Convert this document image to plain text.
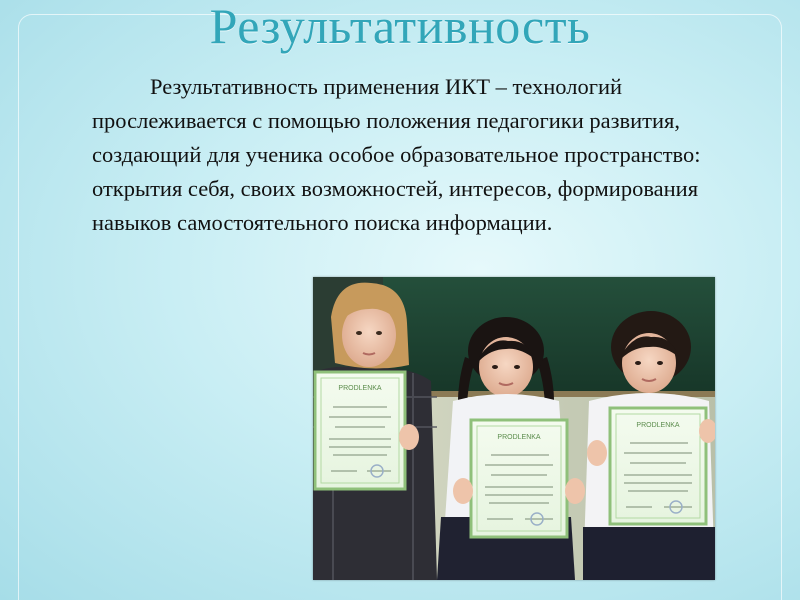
Результативность
Результативность применения ИКТ – технологий прослеживается с помощью положения педагогики развития, создающий для ученика особое образовательное пространство: открытия себя, своих возможностей, интересов, формирования навыков самостоятельного поиска информации.
PRODLENKA
PRODLENKA
PRODLENKA
